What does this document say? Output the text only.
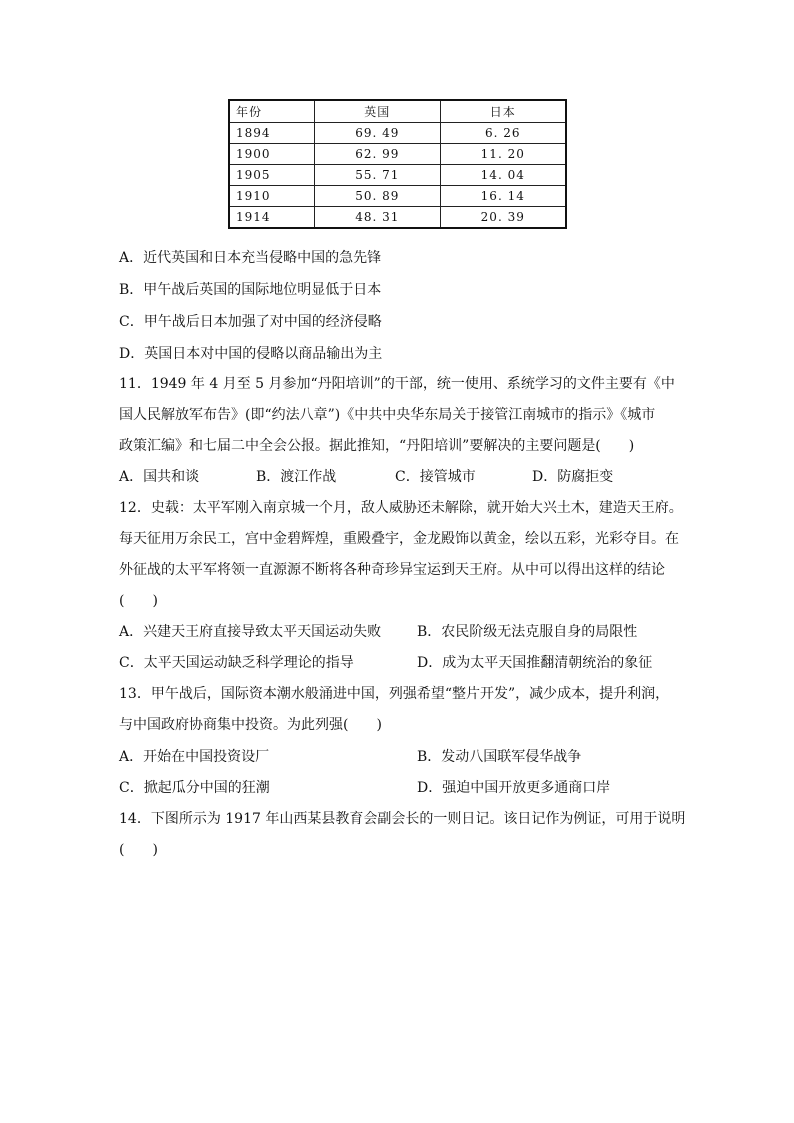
年份	英国	日本
1894	69. 49	6. 26
1900	62. 99	11. 20
1905	55. 71	14. 04
1910	50. 89	16. 14
1914	48. 31	20. 39

A．近代英国和日本充当侵略中国的急先锋

B．甲午战后英国的国际地位明显低于日本

C．甲午战后日本加强了对中国的经济侵略

D．英国日本对中国的侵略以商品输出为主

11．1949 年 4 月至 5 月参加“丹阳培训”的干部，统一使用、系统学习的文件主要有《中

国人民解放军布告》(即“约法八章”)《中共中央华东局关于接管江南城市的指示》《城市

政策汇编》和七届二中全会公报。据此推知，“丹阳培训”要解决的主要问题是(　　)

A．国共和谈	B．渡江作战	C．接管城市	D．防腐拒变

12．史载：太平军刚入南京城一个月，敌人威胁还未解除，就开始大兴土木，建造天王府。

每天征用万余民工，宫中金碧辉煌，重殿叠宇，金龙殿饰以黄金，绘以五彩，光彩夺目。在

外征战的太平军将领一直源源不断将各种奇珍异宝运到天王府。从中可以得出这样的结论

(　　)

A．兴建天王府直接导致太平天国运动失败	B．农民阶级无法克服自身的局限性
C．太平天国运动缺乏科学理论的指导	D．成为太平天国推翻清朝统治的象征

13．甲午战后，国际资本潮水般涌进中国，列强希望“整片开发”，减少成本，提升利润，

与中国政府协商集中投资。为此列强(　　)

A．开始在中国投资设厂	B．发动八国联军侵华战争
C．掀起瓜分中国的狂潮	D．强迫中国开放更多通商口岸

14．下图所示为 1917 年山西某县教育会副会长的一则日记。该日记作为例证，可用于说明

(　　)
